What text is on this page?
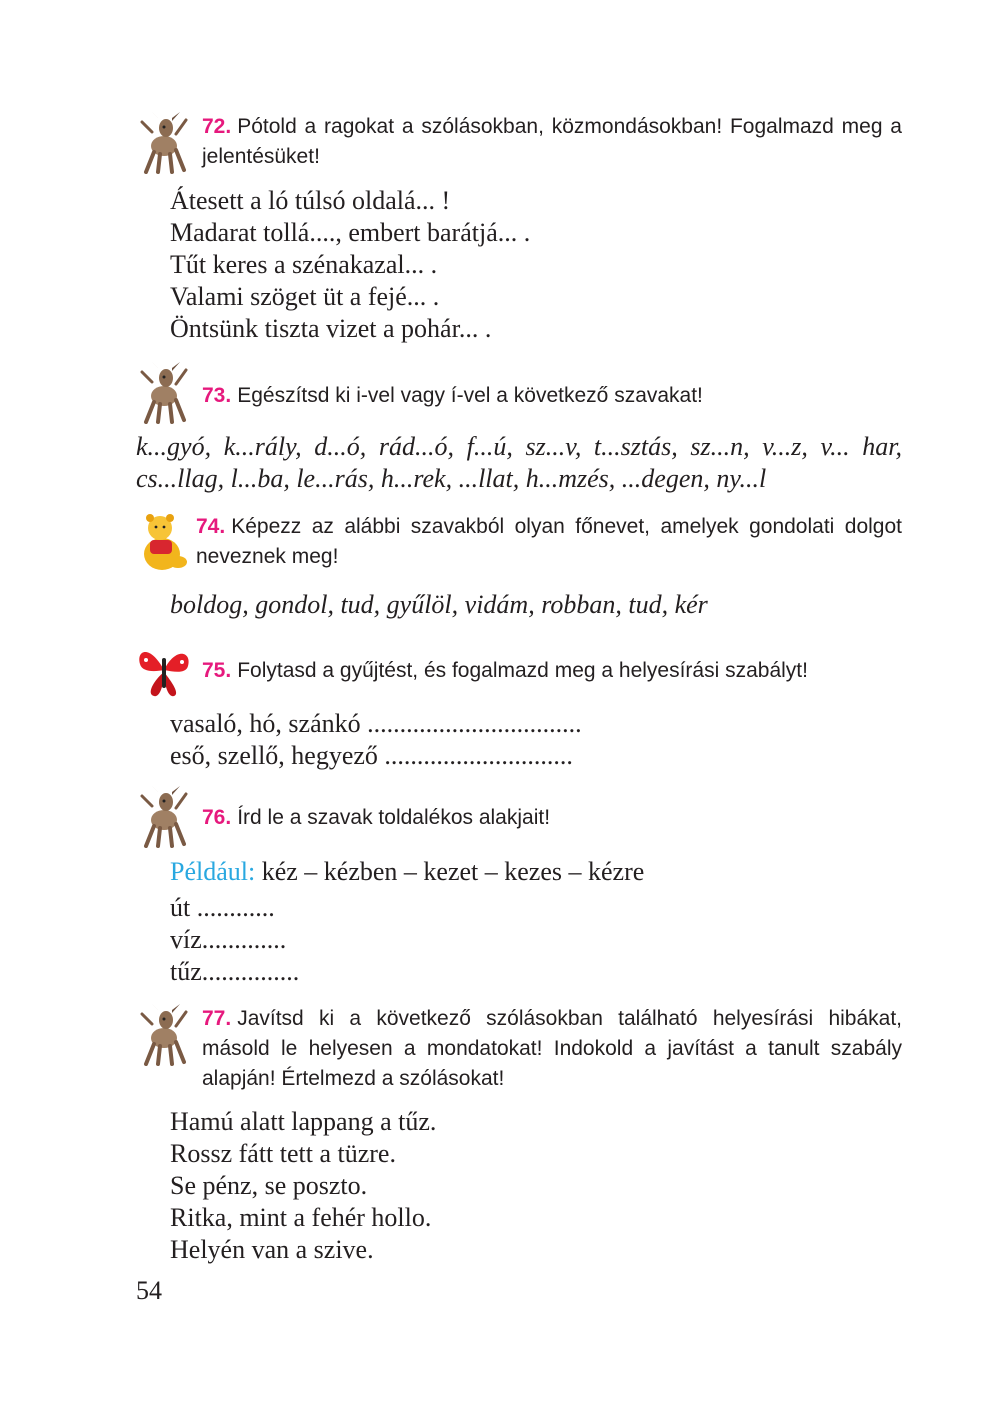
72. Pótold a ragokat a szólásokban, közmondásokban! Fogalmazd meg a jelentésüket!

Átesett a ló túlsó oldalá... !
Madarat tollá...., embert barátjá... .
Tűt keres a szénakazal... .
Valami szöget üt a fejé... .
Öntsünk tiszta vizet a pohár... .

73. Egészítsd ki i-vel vagy í-vel a következő szavakat!

k...gyó, k...rály, d...ó, rád...ó, f...ú, sz...v, t...sztás, sz...n, v...z, v... har, cs...llag, l...ba, le...rás, h...rek, ...llat, h...mzés, ...degen, ny...l

74. Képezz az alábbi szavakból olyan főnevet, amelyek gondolati dolgot neveznek meg!

boldog, gondol, tud, gyűlöl, vidám, robban, tud, kér

75. Folytasd a gyűjtést, és fogalmazd meg a helyesírási szabályt!

vasaló, hó, szánkó .................................
eső, szellő, hegyező .............................

76. Írd le a szavak toldalékos alakjait!

Például: kéz – kézben – kezet – kezes – kézre
út ............
víz.............
tűz...............

77. Javítsd ki a következő szólásokban található helyesírási hibákat, másold le helyesen a mondatokat! Indokold a javítást a tanult szabály alapján! Értelmezd a szólásokat!

Hamú alatt lappang a tűz.
Rossz fátt tett a tüzre.
Se pénz, se poszto.
Ritka, mint a fehér hollo.
Helyén van a szive.
54
